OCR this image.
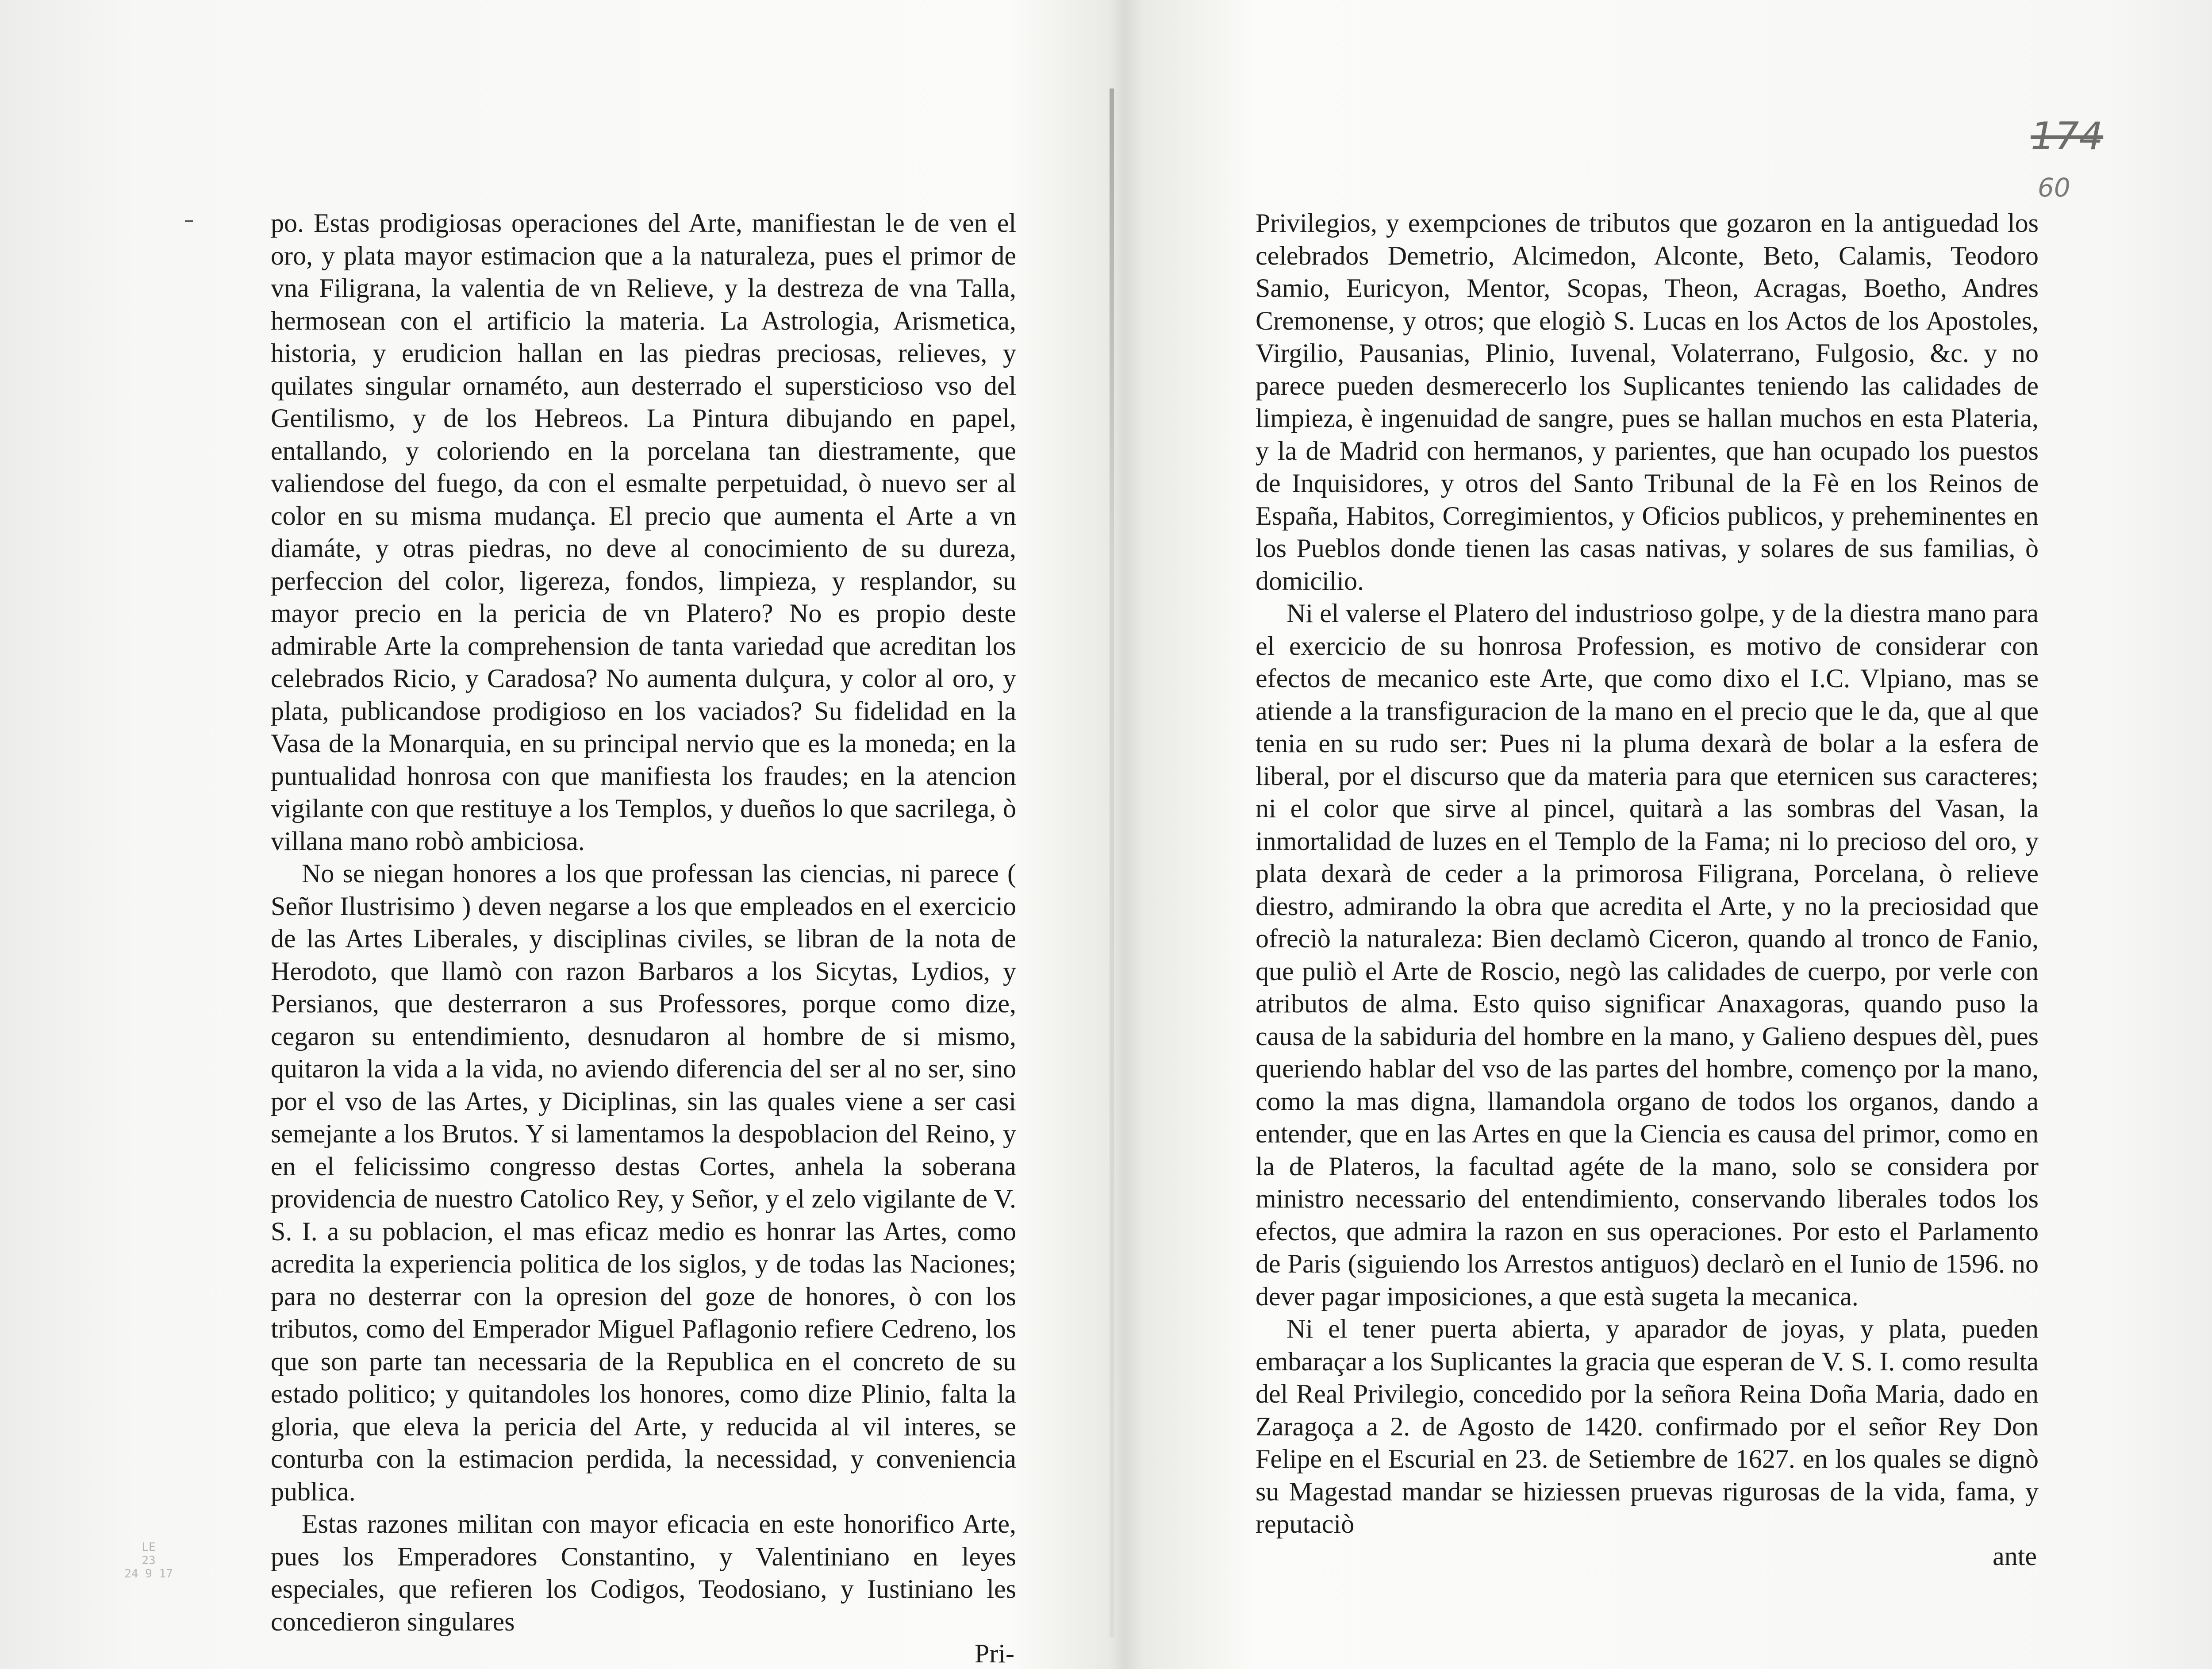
po. Estas prodigiosas operaciones del Arte, manifiestan le de ven el oro, y plata mayor estimacion que a la naturaleza, pues el primor de vna Filigrana, la valentia de vn Relieve, y la destreza de vna Talla, hermosean con el artificio la materia. La Astrologia, Arismetica, historia, y erudicion hallan en las piedras preciosas, relieves, y quilates singular ornaméto, aun desterrado el supersticioso vso del Gentilismo, y de los Hebreos. La Pintura dibujando en papel, entallando, y coloriendo en la porcelana tan diestramente, que valiendose del fuego, da con el esmalte perpetuidad, ò nuevo ser al color en su misma mudança. El precio que aumenta el Arte a vn diamáte, y otras piedras, no deve al conocimiento de su dureza, perfeccion del color, ligereza, fondos, limpieza, y resplandor, su mayor precio en la pericia de vn Platero? No es propio deste admirable Arte la comprehension de tanta variedad que acreditan los celebrados Ricio, y Caradosa? No aumenta dulçura, y color al oro, y plata, publicandose prodigioso en los vaciados? Su fidelidad en la Vasa de la Monarquia, en su principal nervio que es la moneda; en la puntualidad honrosa con que manifiesta los fraudes; en la atencion vigilante con que restituye a los Templos, y dueños lo que sacrilega, ò villana mano robò ambiciosa.

No se niegan honores a los que professan las ciencias, ni parece ( Señor Ilustrisimo ) deven negarse a los que empleados en el exercicio de las Artes Liberales, y disciplinas civiles, se libran de la nota de Herodoto, que llamò con razon Barbaros a los Sicytas, Lydios, y Persianos, que desterraron a sus Professores, porque como dize, cegaron su entendimiento, desnudaron al hombre de si mismo, quitaron la vida a la vida, no aviendo diferencia del ser al no ser, sino por el vso de las Artes, y Diciplinas, sin las quales viene a ser casi semejante a los Brutos. Y si lamentamos la despoblacion del Reino, y en el felicissimo congresso destas Cortes, anhela la soberana providencia de nuestro Catolico Rey, y Señor, y el zelo vigilante de V. S. I. a su poblacion, el mas eficaz medio es honrar las Artes, como acredita la experiencia politica de los siglos, y de todas las Naciones; para no desterrar con la opresion del goze de honores, ò con los tributos, como del Emperador Miguel Paflagonio refiere Cedreno, los que son parte tan necessaria de la Republica en el concreto de su estado politico; y quitandoles los honores, como dize Plinio, falta la gloria, que eleva la pericia del Arte, y reducida al vil interes, se conturba con la estimacion perdida, la necessidad, y conveniencia publica.

Estas razones militan con mayor eficacia en este honorifico Arte, pues los Emperadores Constantino, y Valentiniano en leyes especiales, que refieren los Codigos, Teodosiano, y Iustiniano les concedieron singulares

Pri-

Privilegios, y exempciones de tributos que gozaron en la antiguedad los celebrados Demetrio, Alcimedon, Alconte, Beto, Calamis, Teodoro Samio, Euricyon, Mentor, Scopas, Theon, Acragas, Boetho, Andres Cremonense, y otros; que elogiò S. Lucas en los Actos de los Apostoles, Virgilio, Pausanias, Plinio, Iuvenal, Volaterrano, Fulgosio, &c. y no parece pueden desmerecerlo los Suplicantes teniendo las calidades de limpieza, è ingenuidad de sangre, pues se hallan muchos en esta Plateria, y la de Madrid con hermanos, y parientes, que han ocupado los puestos de Inquisidores, y otros del Santo Tribunal de la Fè en los Reinos de España, Habitos, Corregimientos, y Oficios publicos, y preheminentes en los Pueblos donde tienen las casas nativas, y solares de sus familias, ò domicilio.

Ni el valerse el Platero del industrioso golpe, y de la diestra mano para el exercicio de su honrosa Profession, es motivo de considerar con efectos de mecanico este Arte, que como dixo el I.C. Vlpiano, mas se atiende a la transfiguracion de la mano en el precio que le da, que al que tenia en su rudo ser: Pues ni la pluma dexarà de bolar a la esfera de liberal, por el discurso que da materia para que eternicen sus caracteres; ni el color que sirve al pincel, quitarà a las sombras del Vasan, la inmortalidad de luzes en el Templo de la Fama; ni lo precioso del oro, y plata dexarà de ceder a la primorosa Filigrana, Porcelana, ò relieve diestro, admirando la obra que acredita el Arte, y no la preciosidad que ofreciò la naturaleza: Bien declamò Ciceron, quando al tronco de Fanio, que puliò el Arte de Roscio, negò las calidades de cuerpo, por verle con atributos de alma. Esto quiso significar Anaxagoras, quando puso la causa de la sabiduria del hombre en la mano, y Galieno despues dèl, pues queriendo hablar del vso de las partes del hombre, començo por la mano, como la mas digna, llamandola organo de todos los organos, dando a entender, que en las Artes en que la Ciencia es causa del primor, como en la de Plateros, la facultad agéte de la mano, solo se considera por ministro necessario del entendimiento, conservando liberales todos los efectos, que admira la razon en sus operaciones. Por esto el Parlamento de Paris (siguiendo los Arrestos antiguos) declarò en el Iunio de 1596. no dever pagar imposiciones, a que està sugeta la mecanica.

Ni el tener puerta abierta, y aparador de joyas, y plata, pueden embaraçar a los Suplicantes la gracia que esperan de V. S. I. como resulta del Real Privilegio, concedido por la señora Reina Doña Maria, dado en Zaragoça a 2. de Agosto de 1420. confirmado por el señor Rey Don Felipe en el Escurial en 23. de Setiembre de 1627. en los quales se dignò su Magestad mandar se hiziessen pruevas rigurosas de la vida, fama, y reputaciò

ante

174
60
LE
23
24 9 17
